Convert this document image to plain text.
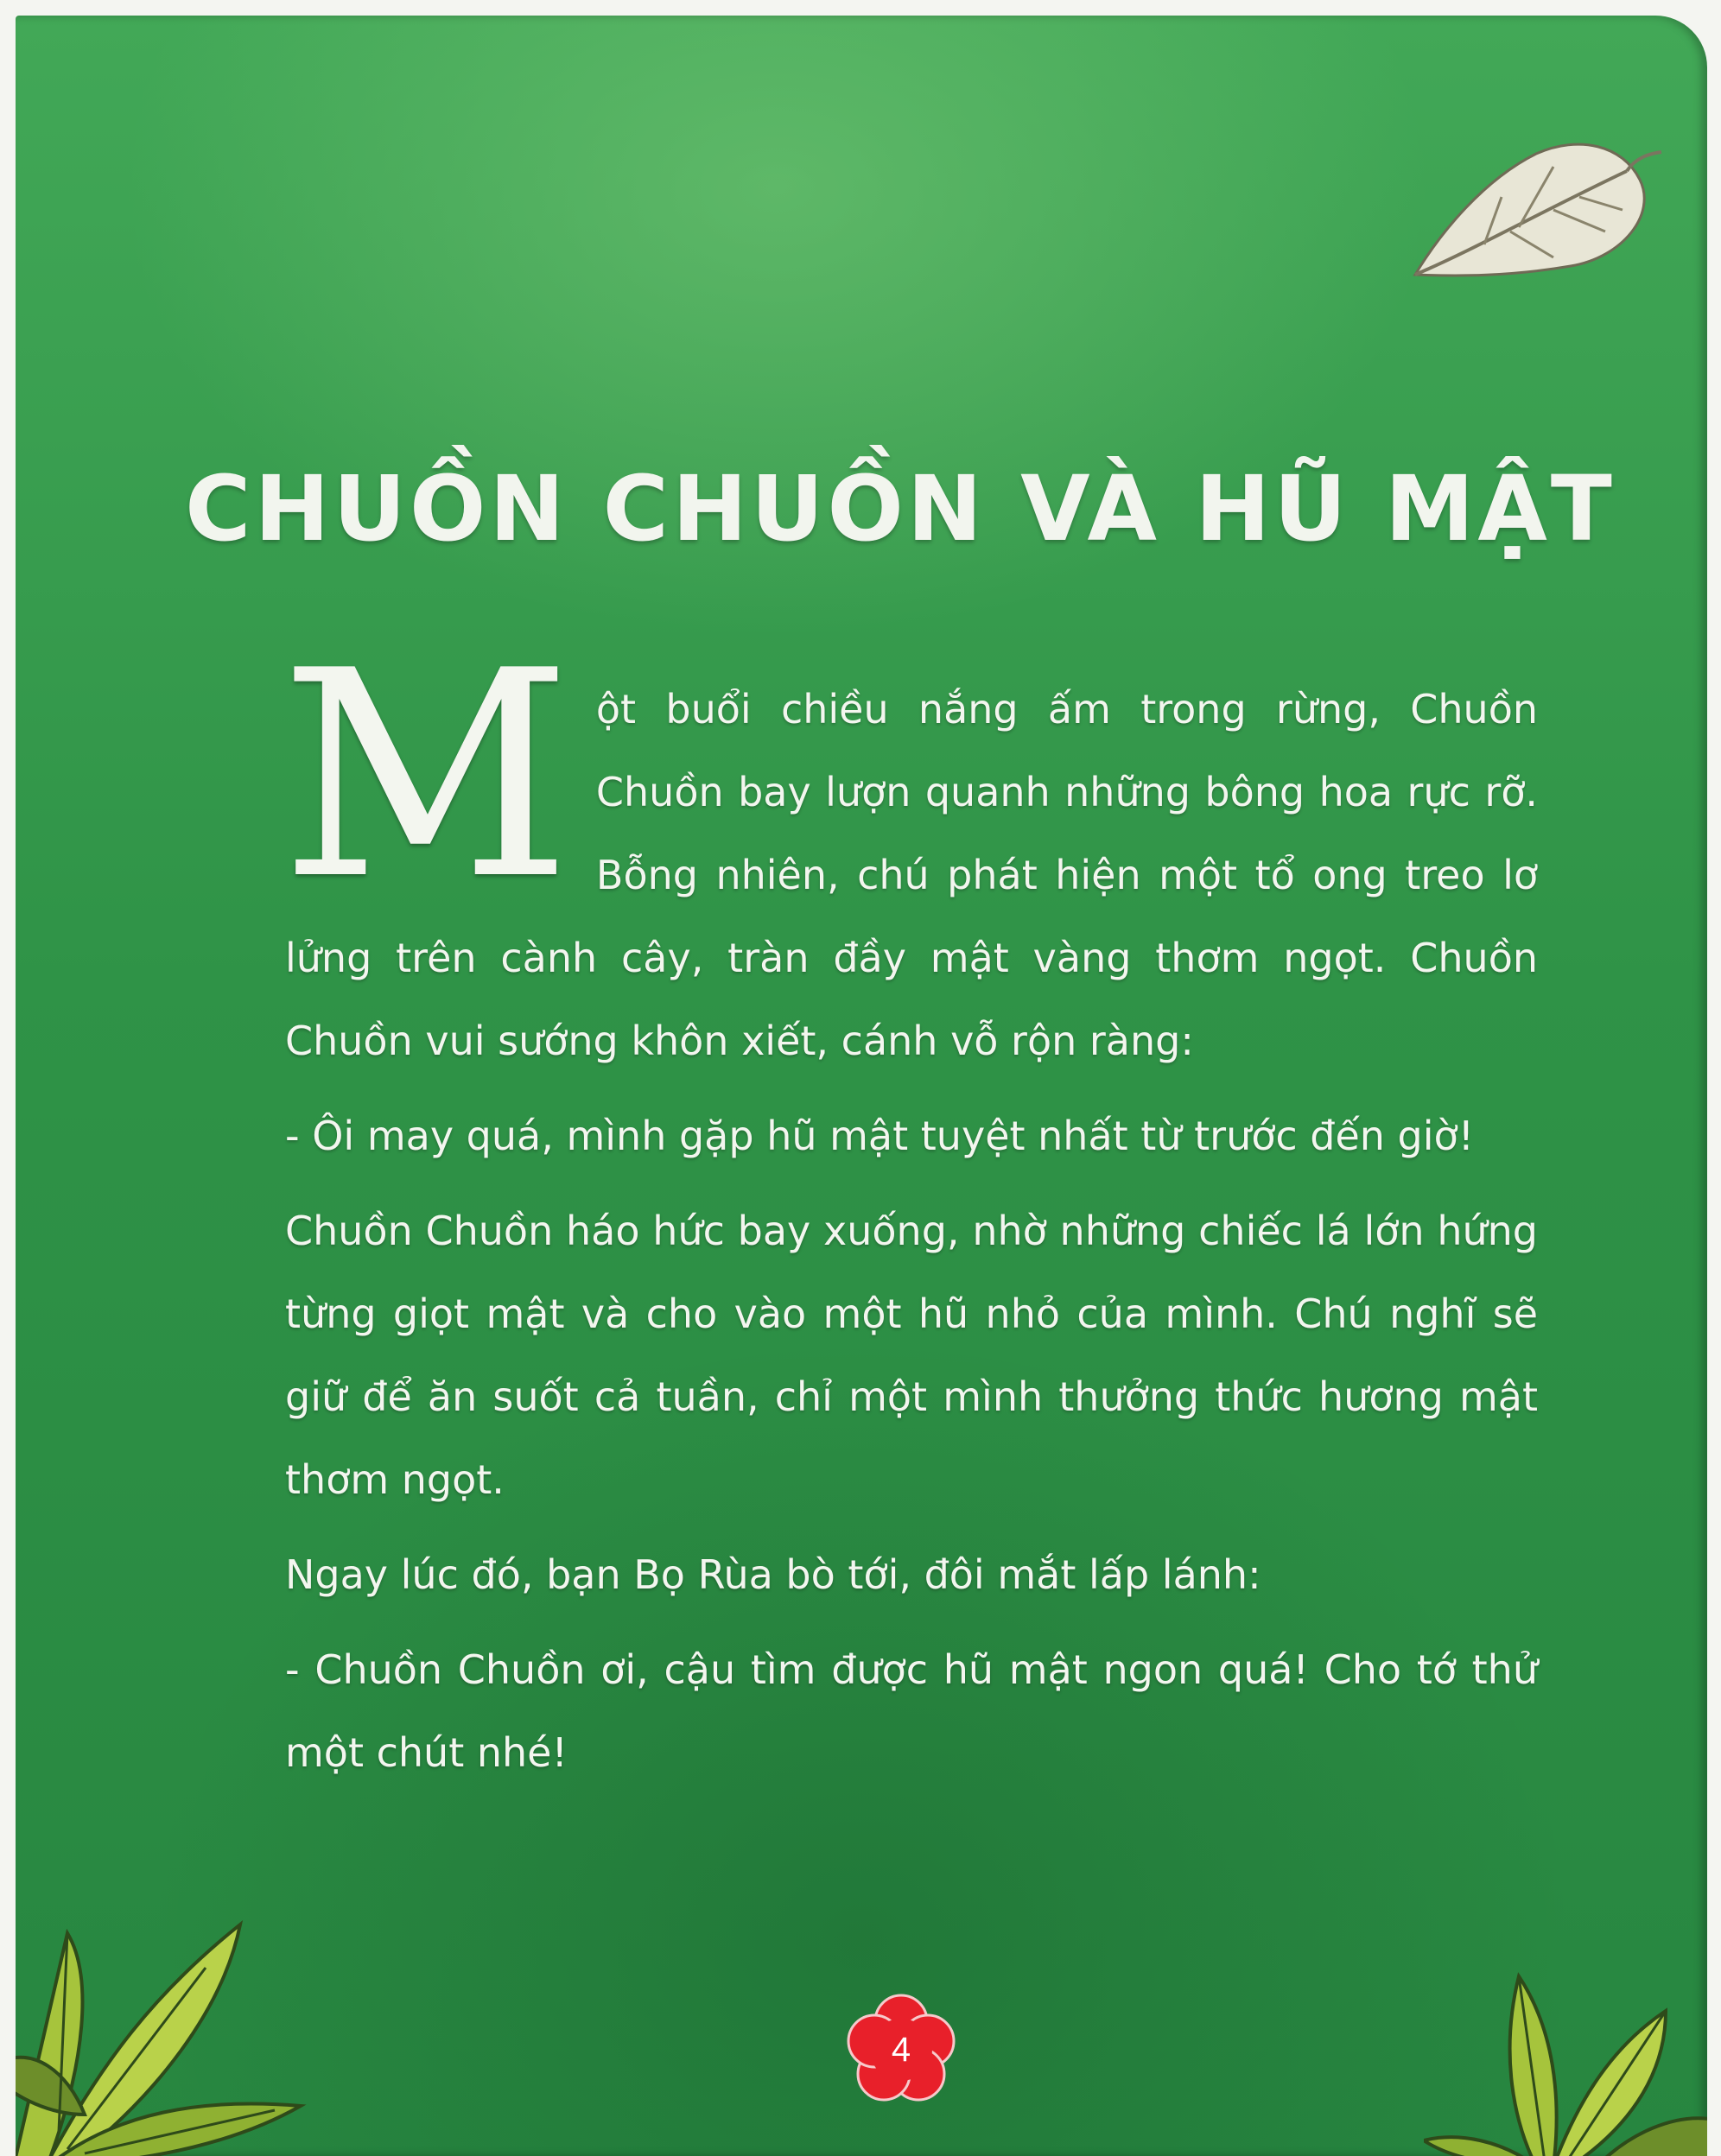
CHUỒN CHUỒN VÀ HŨ MẬT

Một buổi chiều nắng ấm trong rừng, Chuồn Chuồn bay lượn quanh những bông hoa rực rỡ. Bỗng nhiên, chú phát hiện một tổ ong treo lơ lửng trên cành cây, tràn đầy mật vàng thơm ngọt. Chuồn Chuồn vui sướng khôn xiết, cánh vỗ rộn ràng:

- Ôi may quá, mình gặp hũ mật tuyệt nhất từ trước đến giờ!

Chuồn Chuồn háo hức bay xuống, nhờ những chiếc lá lớn hứng từng giọt mật và cho vào một hũ nhỏ của mình. Chú nghĩ sẽ giữ để ăn suốt cả tuần, chỉ một mình thưởng thức hương mật thơm ngọt.

Ngay lúc đó, bạn Bọ Rùa bò tới, đôi mắt lấp lánh:

- Chuồn Chuồn ơi, cậu tìm được hũ mật ngon quá! Cho tớ thử một chút nhé!

4
